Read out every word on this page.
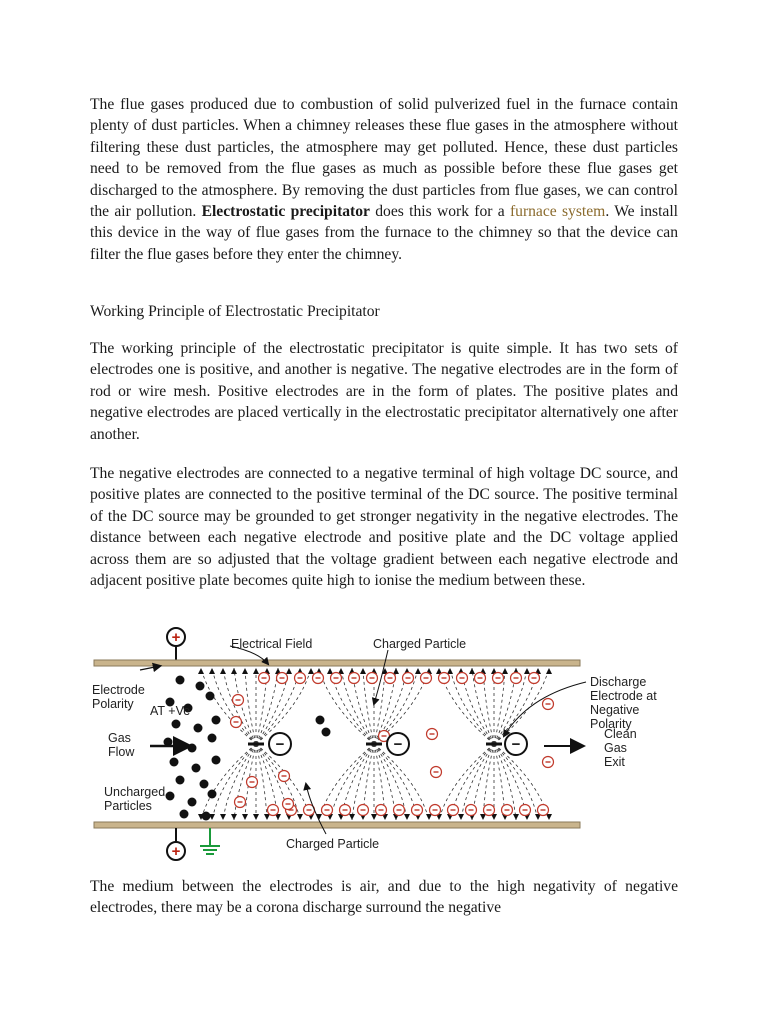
The flue gases produced due to combustion of solid pulverized fuel in the furnace contain plenty of dust particles. When a chimney releases these flue gases in the atmosphere without filtering these dust particles, the atmosphere may get polluted. Hence, these dust particles need to be removed from the flue gases as much as possible before these flue gases get discharged to the atmosphere. By removing the dust particles from flue gases, we can control the air pollution. Electrostatic precipitator does this work for a furnace system. We install this device in the way of flue gases from the furnace to the chimney so that the device can filter the flue gases before they enter the chimney.

Working Principle of Electrostatic Precipitator

The working principle of the electrostatic precipitator is quite simple. It has two sets of electrodes one is positive, and another is negative. The negative electrodes are in the form of rod or wire mesh. Positive electrodes are in the form of plates. The positive plates and negative electrodes are placed vertically in the electrostatic precipitator alternatively one after another.

The negative electrodes are connected to a negative terminal of high voltage DC source, and positive plates are connected to the positive terminal of the DC source. The positive terminal of the DC source may be grounded to get stronger negativity in the negative electrodes. The distance between each negative electrode and positive plate and the DC voltage applied across them are so adjusted that the voltage gradient between each negative electrode and adjacent positive plate becomes quite high to ionise the medium between these.

+
+
−	−	−
Electrical Field	Charged Particle
Electrode
Polarity AT +Ve
Gas
Flow
Uncharged
Particles
Discharge
Electrode at
Negative
Polarity
Clean
Gas
Exit
Charged Particle

The medium between the electrodes is air, and due to the high negativity of negative electrodes, there may be a corona discharge surround the negative
